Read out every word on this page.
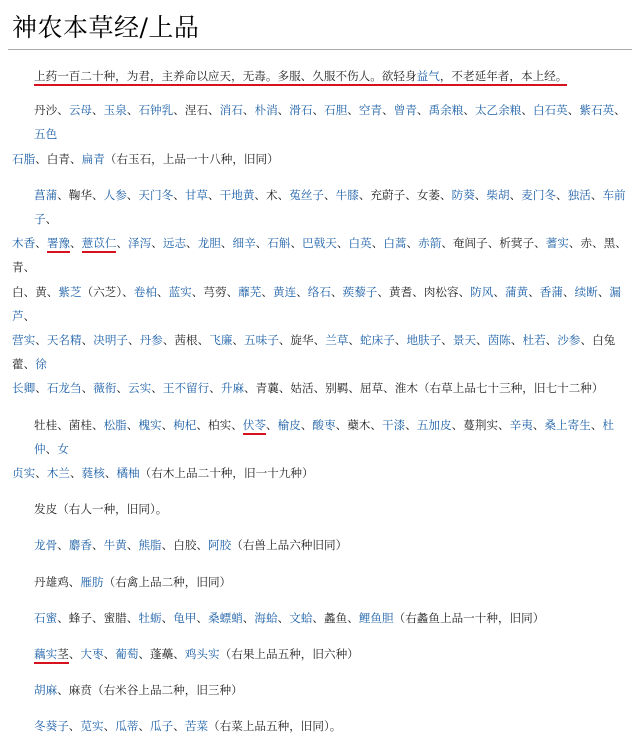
神农本草经/上品

上药一百二十种，为君，主养命以应天，无毒。多服、久服不伤人。欲轻身益气，不老延年者，本上经。

丹沙、云母、玉泉、石钟乳、涅石、消石、朴消、滑石、石胆、空青、曾青、禹余粮、太乙余粮、白石英、紫石英、五色
石脂、白青、扁青（右玉石，上品一十八种，旧同）

菖蒲、鞠华、人参、天门冬、甘草、干地黄、术、菟丝子、牛膝、充蔚子、女萎、防葵、柴胡、麦门冬、独活、车前子、
木香、署豫、薏苡仁、泽泻、远志、龙胆、细辛、石斛、巴戟天、白英、白蒿、赤箭、奄闾子、析蓂子、蓍实、赤、黑、青、
白、黄、紫芝（六芝）、卷柏、蓝实、芎䓖、蘼芜、黄连、络石、蒺藜子、黄耆、肉松容、防风、蒲黄、香蒲、续断、漏芦、
营实、天名精、决明子、丹参、茜根、飞廉、五味子、旋华、兰草、蛇床子、地肤子、景天、茵陈、杜若、沙参、白兔藿、徐
长卿、石龙刍、薇衔、云实、王不留行、升麻、青蘘、姑活、别羁、屈草、淮木（右草上品七十三种，旧七十二种）

牡桂、菌桂、松脂、槐实、枸杞、柏实、伏苓、榆皮、酸枣、蘗木、干漆、五加皮、蔓荆实、辛夷、桑上寄生、杜仲、女
贞实、木兰、蕤核、橘柚（右木上品二十种，旧一十九种）

发皮（右人一种，旧同）。

龙骨、麝香、牛黄、熊脂、白胶、阿胶（右兽上品六种旧同）

丹雄鸡、雁肪（右禽上品二种，旧同）

石蜜、蜂子、蜜腊、牡蛎、龟甲、桑螵蛸、海蛤、文蛤、蠡鱼、鲤鱼胆（右蠡鱼上品一十种，旧同）

藕实茎、大枣、葡萄、蓬蘽、鸡头实（右果上品五种，旧六种）

胡麻、麻贲（右米谷上品二种，旧三种）

冬葵子、苋实、瓜蒂、瓜子、苦菜（右菜上品五种，旧同）。
